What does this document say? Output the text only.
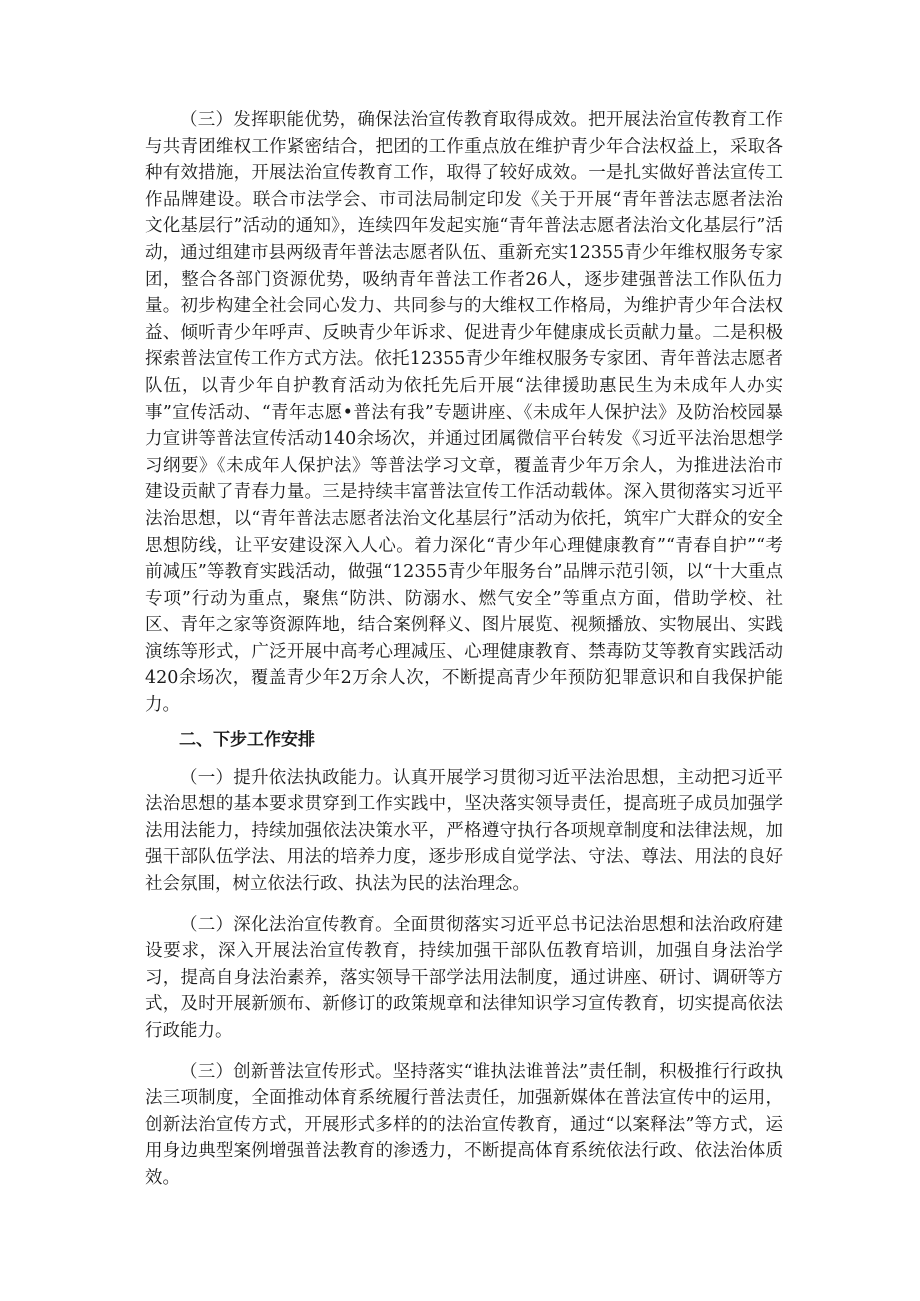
（三）发挥职能优势，确保法治宣传教育取得成效。把开展法治宣传教育工作与共青团维权工作紧密结合，把团的工作重点放在维护青少年合法权益上，采取各种有效措施，开展法治宣传教育工作，取得了较好成效。一是扎实做好普法宣传工作品牌建设。联合市法学会、市司法局制定印发《关于开展“青年普法志愿者法治文化基层行”活动的通知》，连续四年发起实施“青年普法志愿者法治文化基层行”活动，通过组建市县两级青年普法志愿者队伍、重新充实12355青少年维权服务专家团，整合各部门资源优势，吸纳青年普法工作者26人，逐步建强普法工作队伍力量。初步构建全社会同心发力、共同参与的大维权工作格局，为维护青少年合法权益、倾听青少年呼声、反映青少年诉求、促进青少年健康成长贡献力量。二是积极探索普法宣传工作方式方法。依托12355青少年维权服务专家团、青年普法志愿者队伍，以青少年自护教育活动为依托先后开展“法律援助惠民生为未成年人办实事”宣传活动、“青年志愿•普法有我”专题讲座、《未成年人保护法》及防治校园暴力宣讲等普法宣传活动140余场次，并通过团属微信平台转发《习近平法治思想学习纲要》《未成年人保护法》等普法学习文章，覆盖青少年万余人，为推进法治市建设贡献了青春力量。三是持续丰富普法宣传工作活动载体。深入贯彻落实习近平法治思想，以“青年普法志愿者法治文化基层行”活动为依托，筑牢广大群众的安全思想防线，让平安建设深入人心。着力深化“青少年心理健康教育”“青春自护”“考前减压”等教育实践活动，做强“12355青少年服务台”品牌示范引领，以“十大重点专项”行动为重点，聚焦“防洪、防溺水、燃气安全”等重点方面，借助学校、社区、青年之家等资源阵地，结合案例释义、图片展览、视频播放、实物展出、实践演练等形式，广泛开展中高考心理减压、心理健康教育、禁毒防艾等教育实践活动420余场次，覆盖青少年2万余人次，不断提高青少年预防犯罪意识和自我保护能力。

二、下步工作安排

（一）提升依法执政能力。认真开展学习贯彻习近平法治思想，主动把习近平法治思想的基本要求贯穿到工作实践中，坚决落实领导责任，提高班子成员加强学法用法能力，持续加强依法决策水平，严格遵守执行各项规章制度和法律法规，加强干部队伍学法、用法的培养力度，逐步形成自觉学法、守法、尊法、用法的良好社会氛围，树立依法行政、执法为民的法治理念。

（二）深化法治宣传教育。全面贯彻落实习近平总书记法治思想和法治政府建设要求，深入开展法治宣传教育，持续加强干部队伍教育培训，加强自身法治学习，提高自身法治素养，落实领导干部学法用法制度，通过讲座、研讨、调研等方式，及时开展新颁布、新修订的政策规章和法律知识学习宣传教育，切实提高依法行政能力。

（三）创新普法宣传形式。坚持落实“谁执法谁普法”责任制，积极推行行政执法三项制度，全面推动体育系统履行普法责任，加强新媒体在普法宣传中的运用，创新法治宣传方式，开展形式多样的的法治宣传教育，通过“以案释法”等方式，运用身边典型案例增强普法教育的渗透力，不断提高体育系统依法行政、依法治体质效。
